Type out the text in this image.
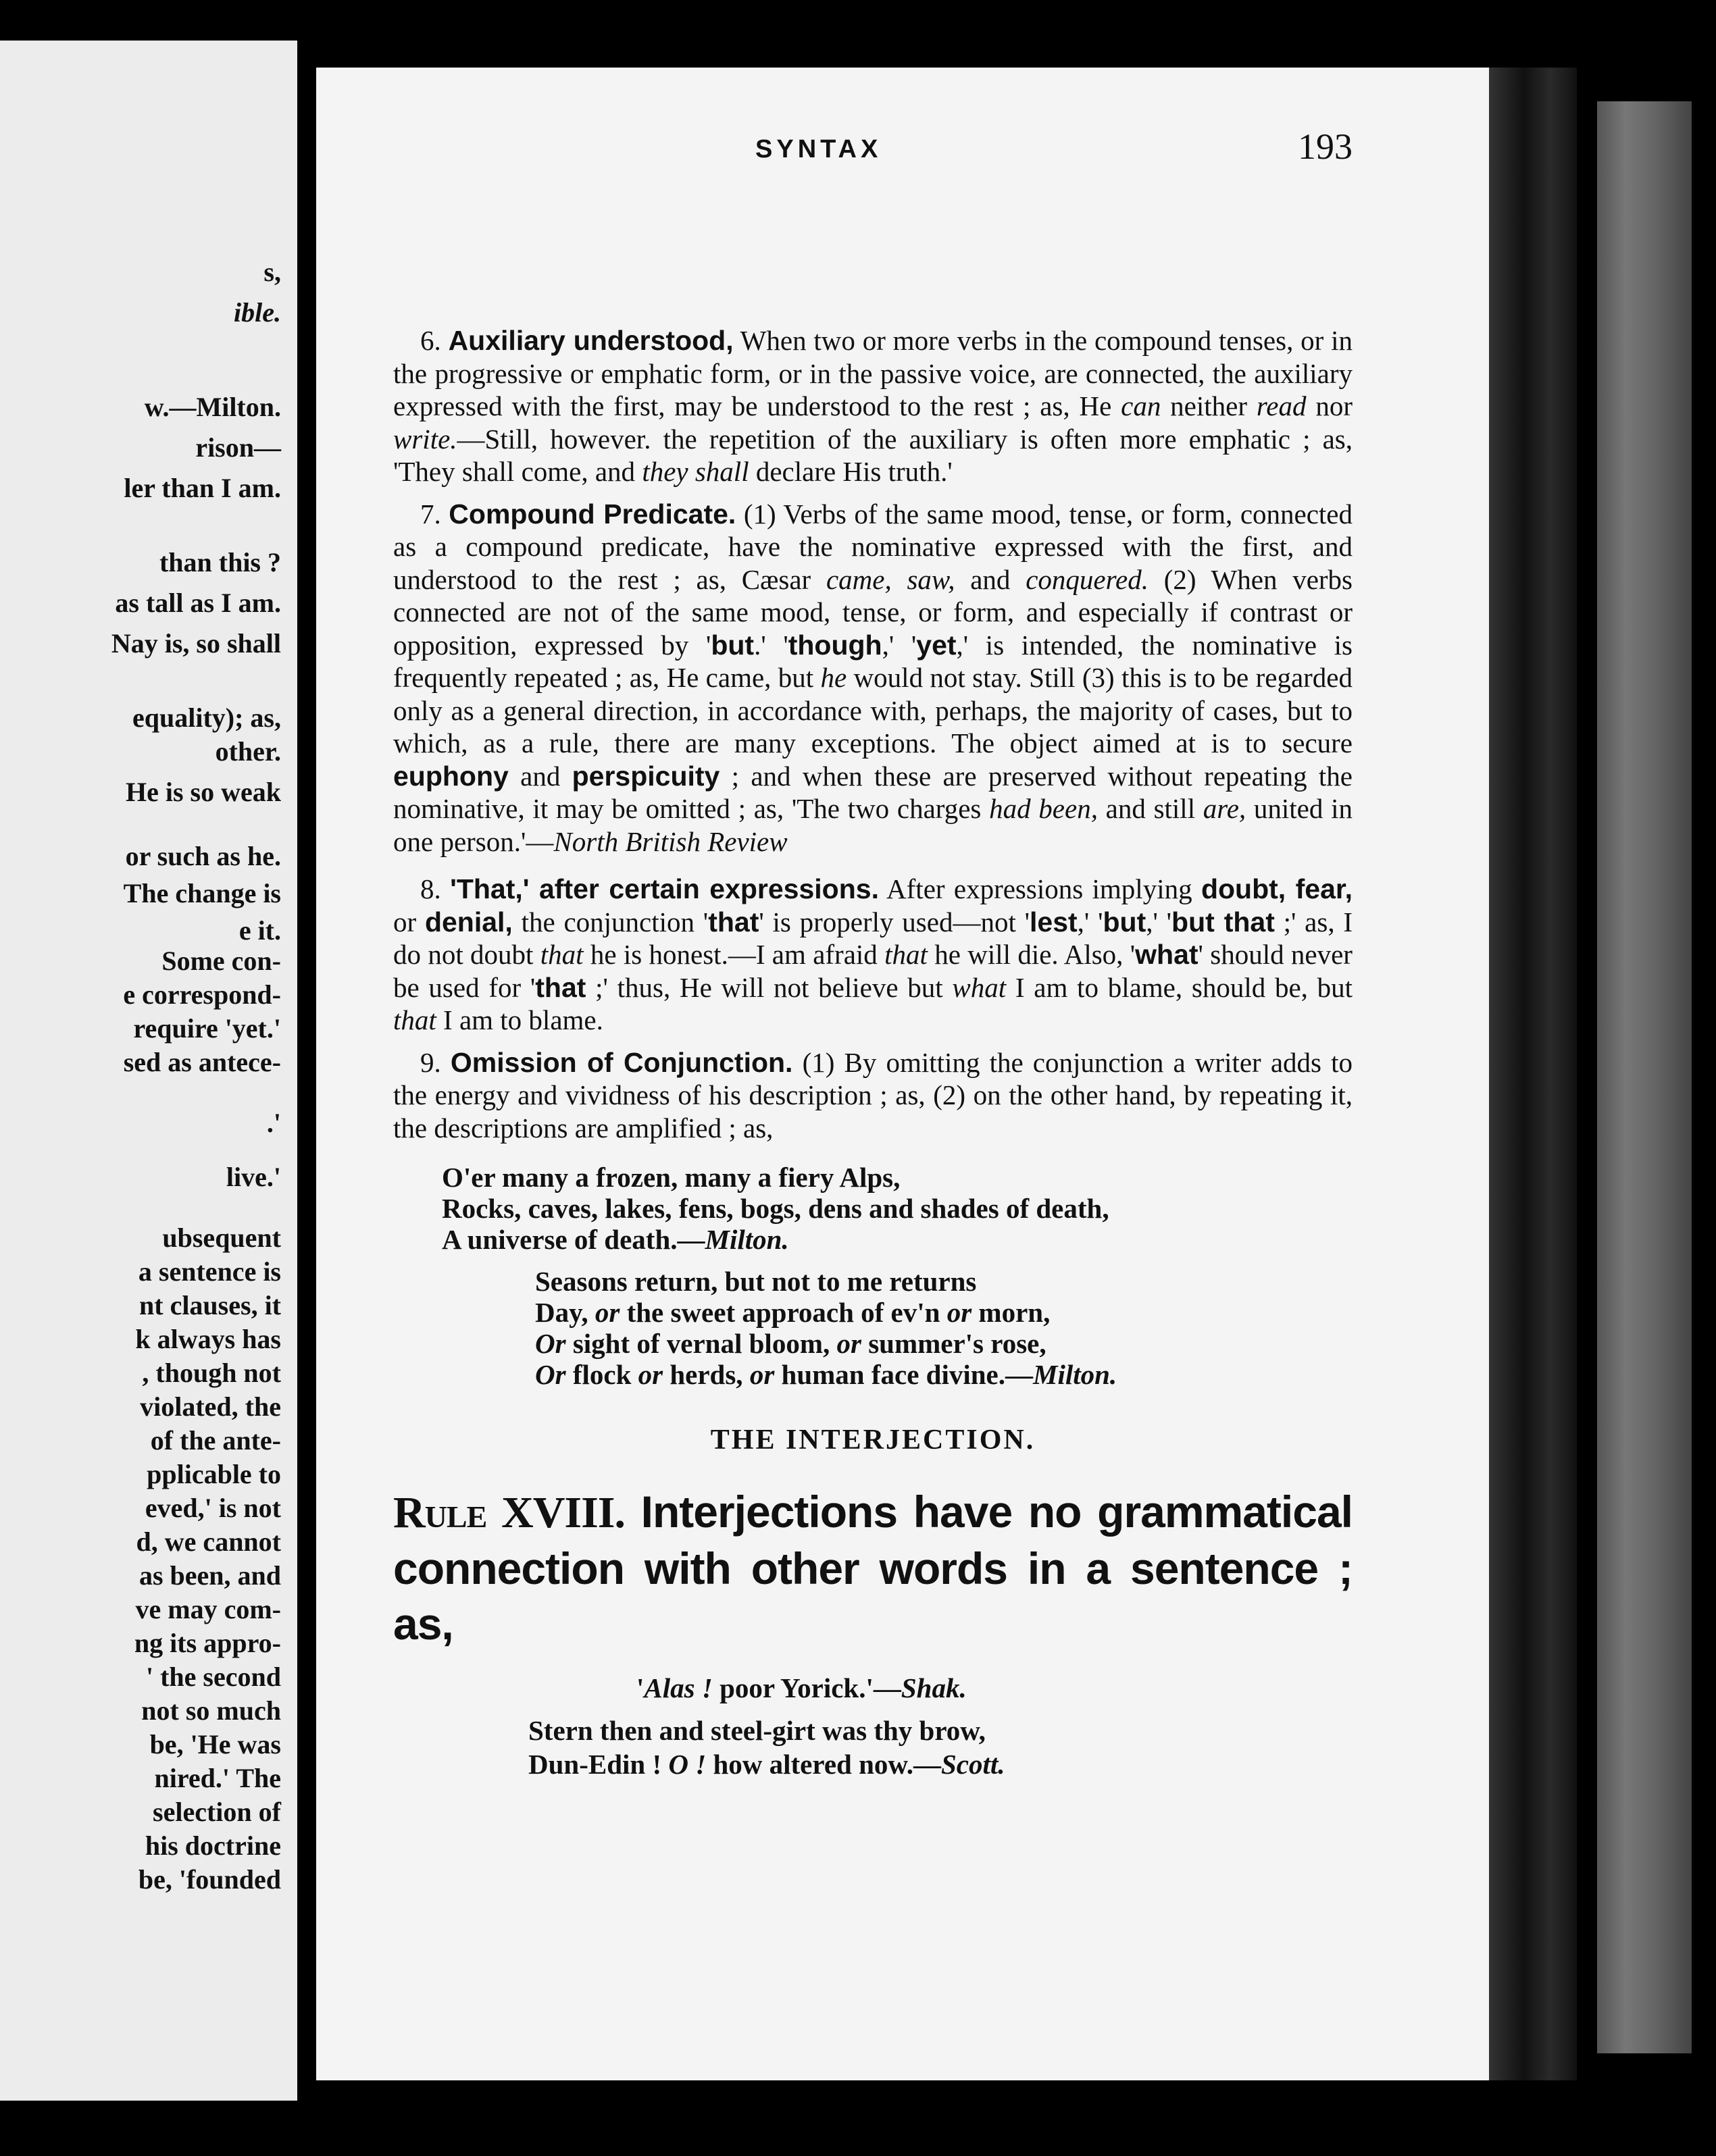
s,
ible.
w.—Milton.
rison—
ler than I am.
than this ?
as tall as I am.
Nay is, so shall
equality); as,
other.
He is so weak
or such as he.
The change is
e it.
Some con-
e correspond-
require 'yet.'
sed as antece-
.'
live.'
ubsequent
a sentence is
nt clauses, it
k always has
, though not
violated, the
of the ante-
pplicable to
eved,' is not
d, we cannot
as been, and
ve may com-
ng its appro-
' the second
not so much
be, 'He was
nired.' The
selection of
his doctrine
be, 'founded
SYNTAX	193

6. Auxiliary understood, When two or more verbs in the compound tenses, or in the progressive or emphatic form, or in the passive voice, are connected, the auxiliary expressed with the first, may be understood to the rest ; as, He can neither read nor write.—Still, however. the repetition of the auxiliary is often more emphatic ; as, 'They shall come, and they shall declare His truth.'

7. Compound Predicate. (1) Verbs of the same mood, tense, or form, connected as a compound predicate, have the nominative expressed with the first, and understood to the rest ; as, Cæsar came, saw, and conquered. (2) When verbs connected are not of the same mood, tense, or form, and especially if contrast or opposition, expressed by 'but.' 'though,' 'yet,' is intended, the nominative is frequently repeated ; as, He came, but he would not stay. Still (3) this is to be regarded only as a general direction, in accordance with, perhaps, the majority of cases, but to which, as a rule, there are many exceptions. The object aimed at is to secure euphony and perspicuity ; and when these are preserved without repeating the nominative, it may be omitted ; as, 'The two charges had been, and still are, united in one person.'—North British Review

8. 'That,' after certain expressions. After expressions implying doubt, fear, or denial, the conjunction 'that' is properly used—not 'lest,' 'but,' 'but that ;' as, I do not doubt that he is honest.—I am afraid that he will die. Also, 'what' should never be used for 'that ;' thus, He will not believe but what I am to blame, should be, but that I am to blame.

9. Omission of Conjunction. (1) By omitting the conjunction a writer adds to the energy and vividness of his description ; as, (2) on the other hand, by repeating it, the descriptions are amplified ; as,

O'er many a frozen, many a fiery Alps,
Rocks, caves, lakes, fens, bogs, dens and shades of death,
A universe of death.—Milton.
Seasons return, but not to me returns
Day, or the sweet approach of ev'n or morn,
Or sight of vernal bloom, or summer's rose,
Or flock or herds, or human face divine.—Milton.
THE INTERJECTION.
Rule XVIII. Interjections have no grammatical connection with other words in a sentence ; as,
'Alas ! poor Yorick.'—Shak.
Stern then and steel-girt was thy brow,
Dun-Edin ! O ! how altered now.—Scott.
